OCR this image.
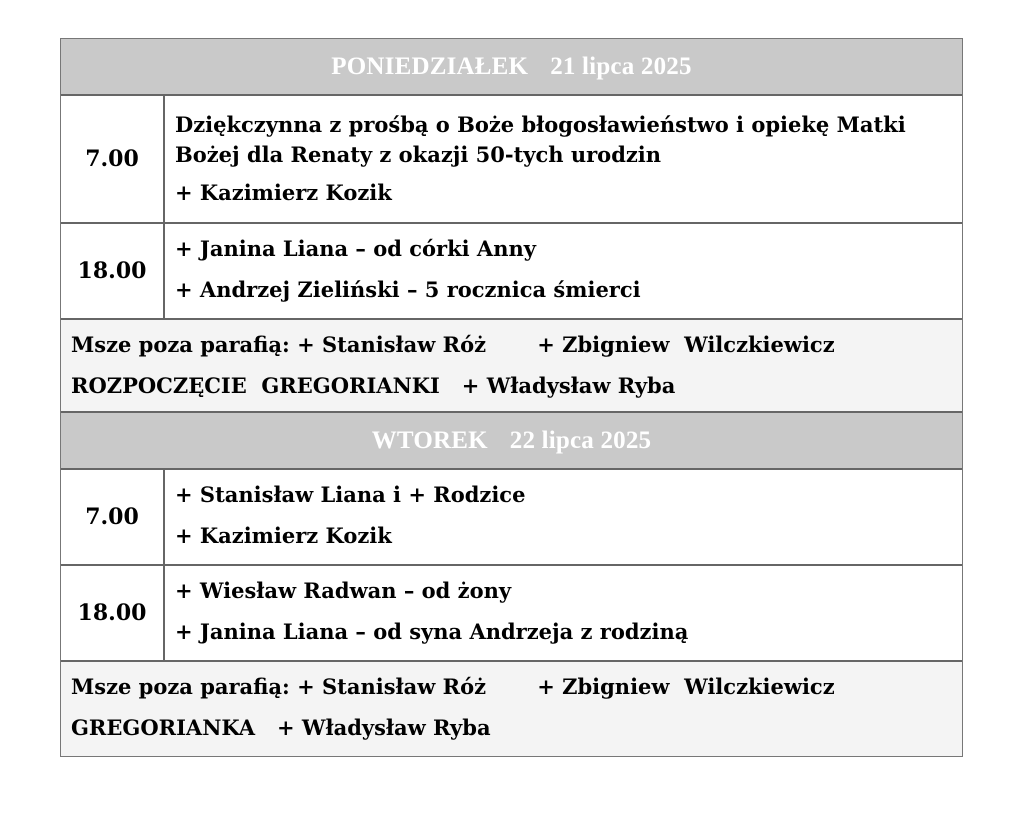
PONIEDZIAŁEK 21 lipca 2025
7.00

Dziękczynna z prośbą o Boże błogosławieństwo i opiekę Matki Bożej dla Renaty z okazji 50-tych urodzin

+ Kazimierz Kozik

18.00

+ Janina Liana – od córki Anny

+ Andrzej Zieliński – 5 rocznica śmierci

Msze poza parafią: + Stanisław Róż + Zbigniew  Wilczkiewicz
ROZPOCZĘCIE  GREGORIANKI + Władysław Ryba
WTOREK 22 lipca 2025
7.00

+ Stanisław Liana i + Rodzice

+ Kazimierz Kozik

18.00

+ Wiesław Radwan – od żony

+ Janina Liana – od syna Andrzeja z rodziną

Msze poza parafią: + Stanisław Róż + Zbigniew  Wilczkiewicz
GREGORIANKA + Władysław Ryba
